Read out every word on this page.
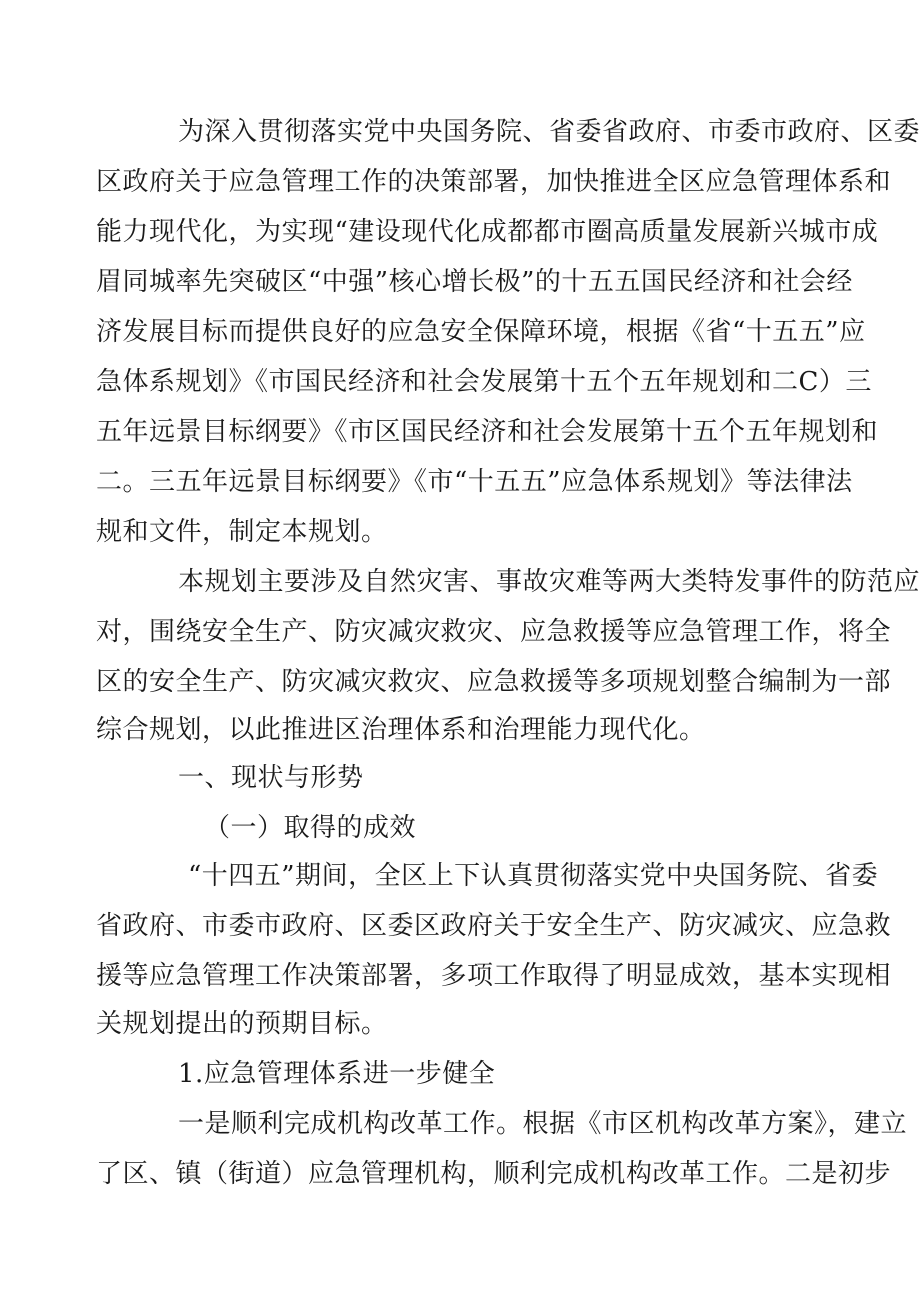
为深入贯彻落实党中央国务院、省委省政府、市委市政府、区委
区政府关于应急管理工作的决策部署，加快推进全区应急管理体系和
能力现代化，为实现“建设现代化成都都市圈高质量发展新兴城市成
眉同城率先突破区“中强”核心增长极”的十五五国民经济和社会经
济发展目标而提供良好的应急安全保障环境，根据《省“十五五”应
急体系规划》《市国民经济和社会发展第十五个五年规划和二C）三
五年远景目标纲要》《市区国民经济和社会发展第十五个五年规划和
二。三五年远景目标纲要》《市“十五五”应急体系规划》等法律法
规和文件，制定本规划。
本规划主要涉及自然灾害、事故灾难等两大类特发事件的防范应
对，围绕安全生产、防灾减灾救灾、应急救援等应急管理工作，将全
区的安全生产、防灾减灾救灾、应急救援等多项规划整合编制为一部
综合规划，以此推进区治理体系和治理能力现代化。
一、现状与形势
（一）取得的成效
“十四五”期间，全区上下认真贯彻落实党中央国务院、省委
省政府、市委市政府、区委区政府关于安全生产、防灾减灾、应急救
援等应急管理工作决策部署，多项工作取得了明显成效，基本实现相
关规划提出的预期目标。
1.应急管理体系进一步健全
一是顺利完成机构改革工作。根据《市区机构改革方案》，建立
了区、镇（街道）应急管理机构，顺利完成机构改革工作。二是初步
